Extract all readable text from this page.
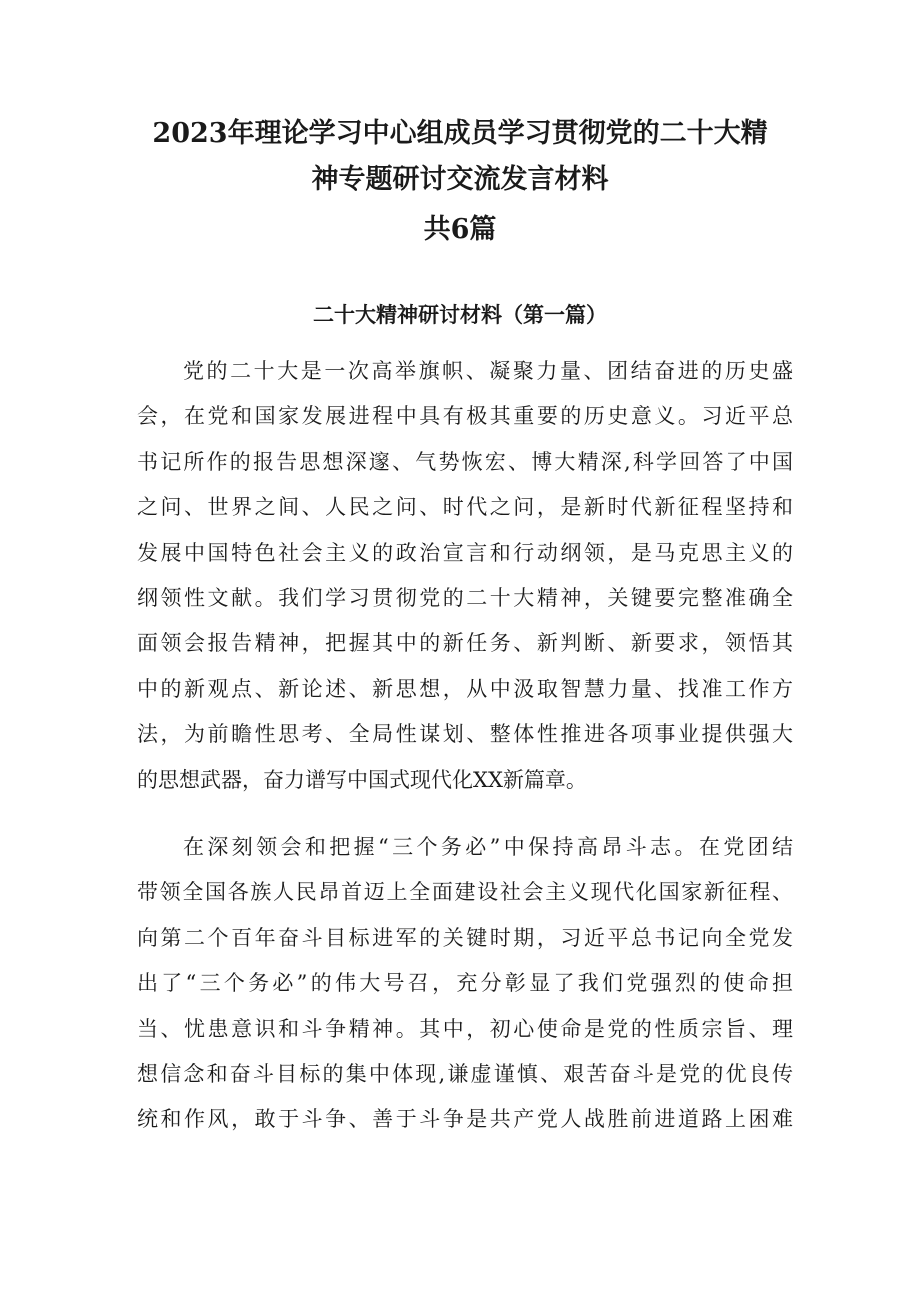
2023年理论学习中心组成员学习贯彻党的二十大精
神专题研讨交流发言材料
共6篇
二十大精神研讨材料（第一篇）

党的二十大是一次高举旗帜、凝聚力量、团结奋进的历史盛
会，在党和国家发展进程中具有极其重要的历史意义。习近平总
书记所作的报告思想深邃、气势恢宏、博大精深,科学回答了中国
之问、世界之间、人民之问、时代之问，是新时代新征程坚持和
发展中国特色社会主义的政治宣言和行动纲领，是马克思主义的
纲领性文献。我们学习贯彻党的二十大精神，关键要完整准确全
面领会报告精神，把握其中的新任务、新判断、新要求，领悟其
中的新观点、新论述、新思想，从中汲取智慧力量、找准工作方
法，为前瞻性思考、全局性谋划、整体性推进各项事业提供强大
的思想武器，奋力谱写中国式现代化XX新篇章。

在深刻领会和把握“三个务必”中保持高昂斗志。在党团结
带领全国各族人民昂首迈上全面建设社会主义现代化国家新征程、
向第二个百年奋斗目标进军的关键时期，习近平总书记向全党发
出了“三个务必”的伟大号召，充分彰显了我们党强烈的使命担
当、忧患意识和斗争精神。其中，初心使命是党的性质宗旨、理
想信念和奋斗目标的集中体现,谦虚谨慎、艰苦奋斗是党的优良传
统和作风，敢于斗争、善于斗争是共产党人战胜前进道路上困难
